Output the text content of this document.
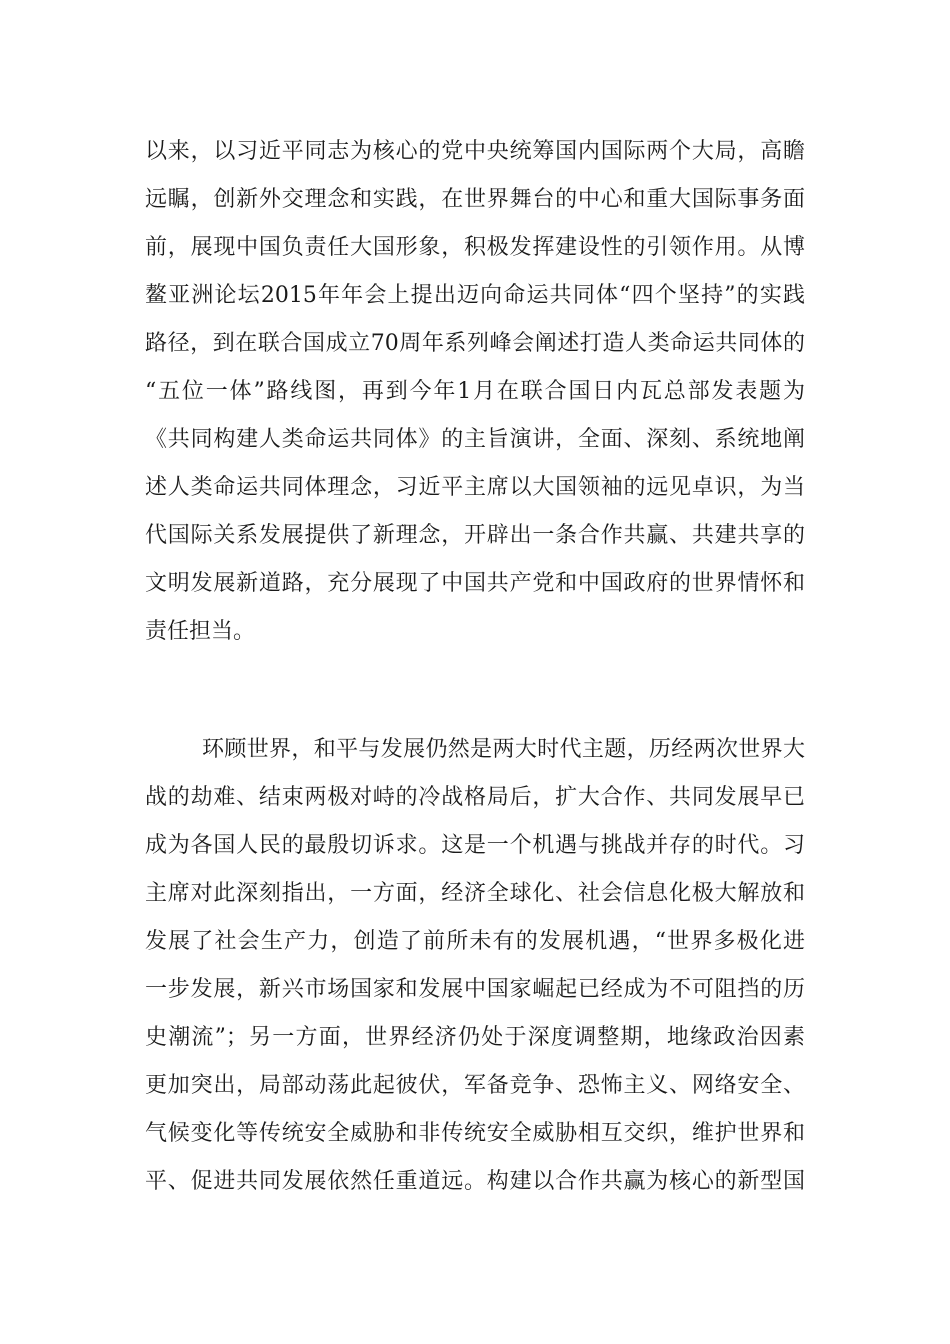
以来，以习近平同志为核心的党中央统筹国内国际两个大局，高瞻
远瞩，创新外交理念和实践，在世界舞台的中心和重大国际事务面
前，展现中国负责任大国形象，积极发挥建设性的引领作用。从博
鳌亚洲论坛2015年年会上提出迈向命运共同体“四个坚持”的实践
路径，到在联合国成立70周年系列峰会阐述打造人类命运共同体的
“五位一体”路线图，再到今年1月在联合国日内瓦总部发表题为
《共同构建人类命运共同体》的主旨演讲，全面、深刻、系统地阐
述人类命运共同体理念，习近平主席以大国领袖的远见卓识，为当
代国际关系发展提供了新理念，开辟出一条合作共赢、共建共享的
文明发展新道路，充分展现了中国共产党和中国政府的世界情怀和
责任担当。
环顾世界，和平与发展仍然是两大时代主题，历经两次世界大
战的劫难、结束两极对峙的冷战格局后，扩大合作、共同发展早已
成为各国人民的最殷切诉求。这是一个机遇与挑战并存的时代。习
主席对此深刻指出，一方面，经济全球化、社会信息化极大解放和
发展了社会生产力，创造了前所未有的发展机遇，“世界多极化进
一步发展，新兴市场国家和发展中国家崛起已经成为不可阻挡的历
史潮流”；另一方面，世界经济仍处于深度调整期，地缘政治因素
更加突出，局部动荡此起彼伏，军备竞争、恐怖主义、网络安全、
气候变化等传统安全威胁和非传统安全威胁相互交织，维护世界和
平、促进共同发展依然任重道远。构建以合作共赢为核心的新型国
